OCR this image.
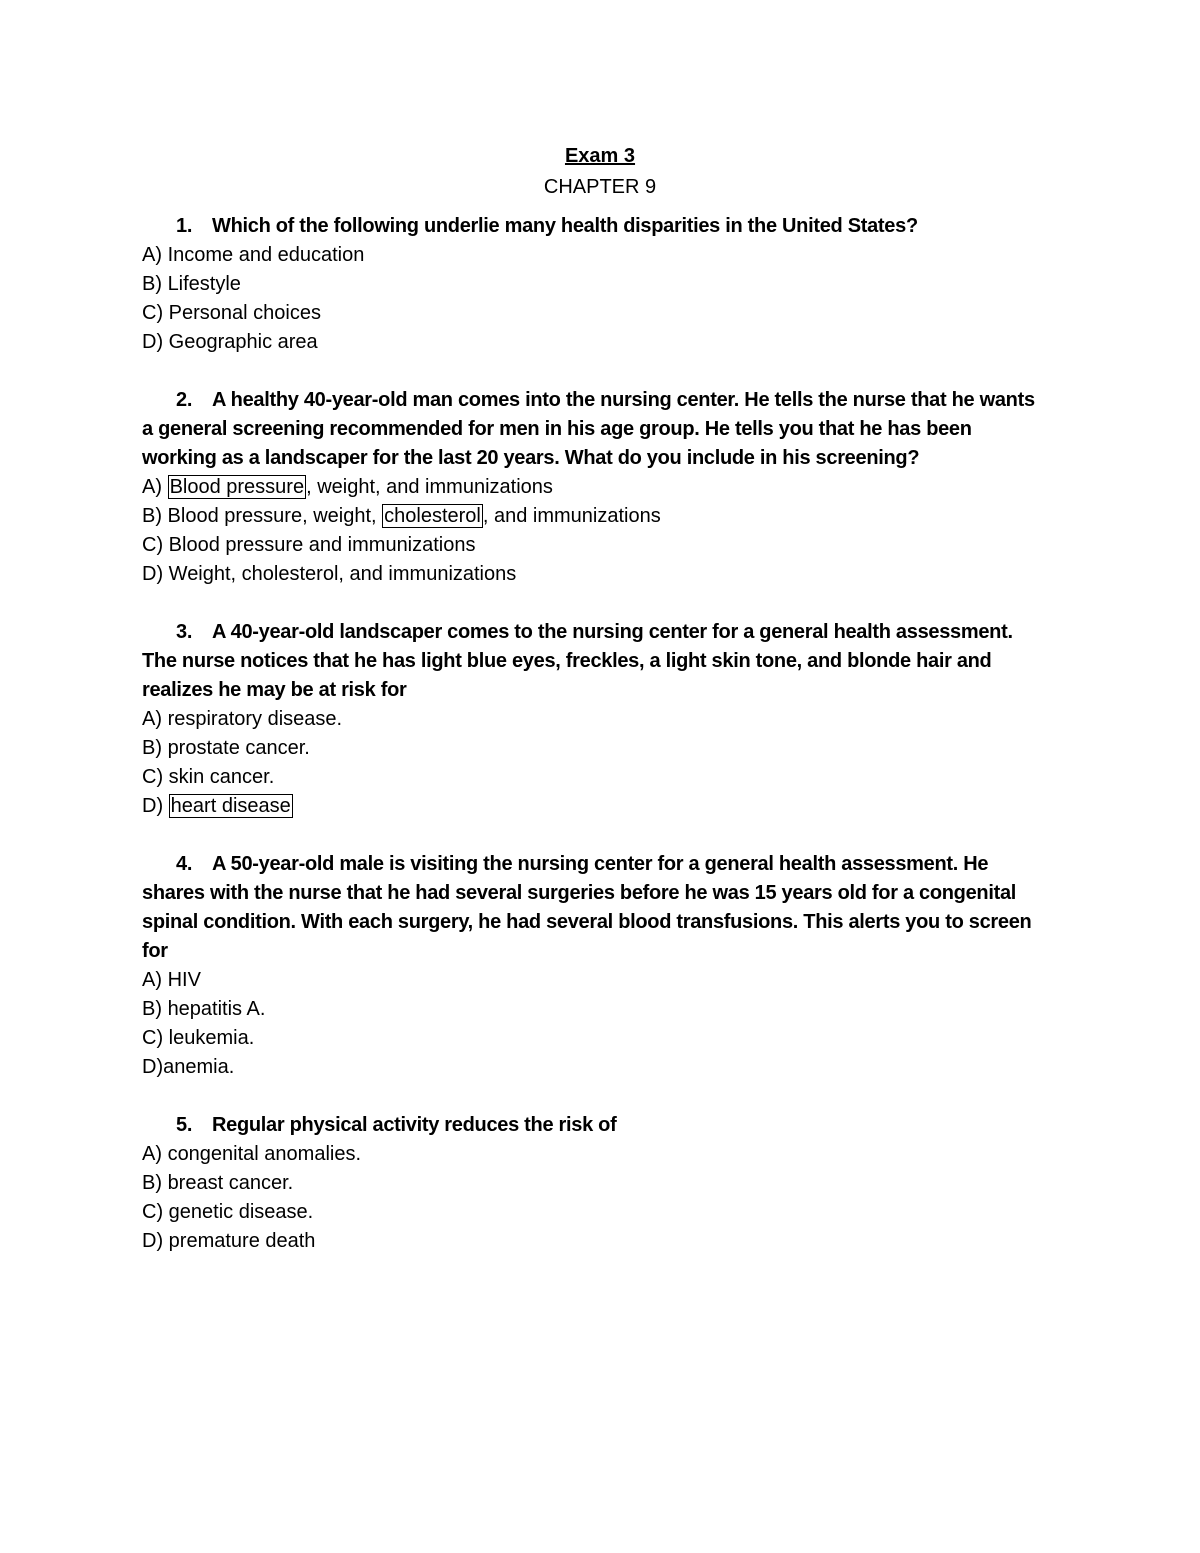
Exam 3

CHAPTER 9

1. Which of the following underlie many health disparities in the United States?

A) Income and education

B) Lifestyle

C) Personal choices

D) Geographic area

2. A healthy 40-year-old man comes into the nursing center. He tells the nurse that he wants a general screening recommended for men in his age group. He tells you that he has been working as a landscaper for the last 20 years. What do you include in his screening?

A) Blood pressure , weight, and immunizations

B) Blood pressure, weight, cholesterol , and immunizations

C) Blood pressure and immunizations

D) Weight, cholesterol, and immunizations

3. A 40-year-old landscaper comes to the nursing center for a general health assessment. The nurse notices that he has light blue eyes, freckles, a light skin tone, and blonde hair and realizes he may be at risk for

A) respiratory disease.

B) prostate cancer.

C) skin cancer.

D) heart disease

4. A 50-year-old male is visiting the nursing center for a general health assessment. He shares with the nurse that he had several surgeries before he was 15 years old for a congenital spinal condition. With each surgery, he had several blood transfusions. This alerts you to screen for

A) HIV

B) hepatitis A.

C) leukemia.

D)anemia.

5. Regular physical activity reduces the risk of

A) congenital anomalies.

B) breast cancer.

C) genetic disease.

D) premature death
